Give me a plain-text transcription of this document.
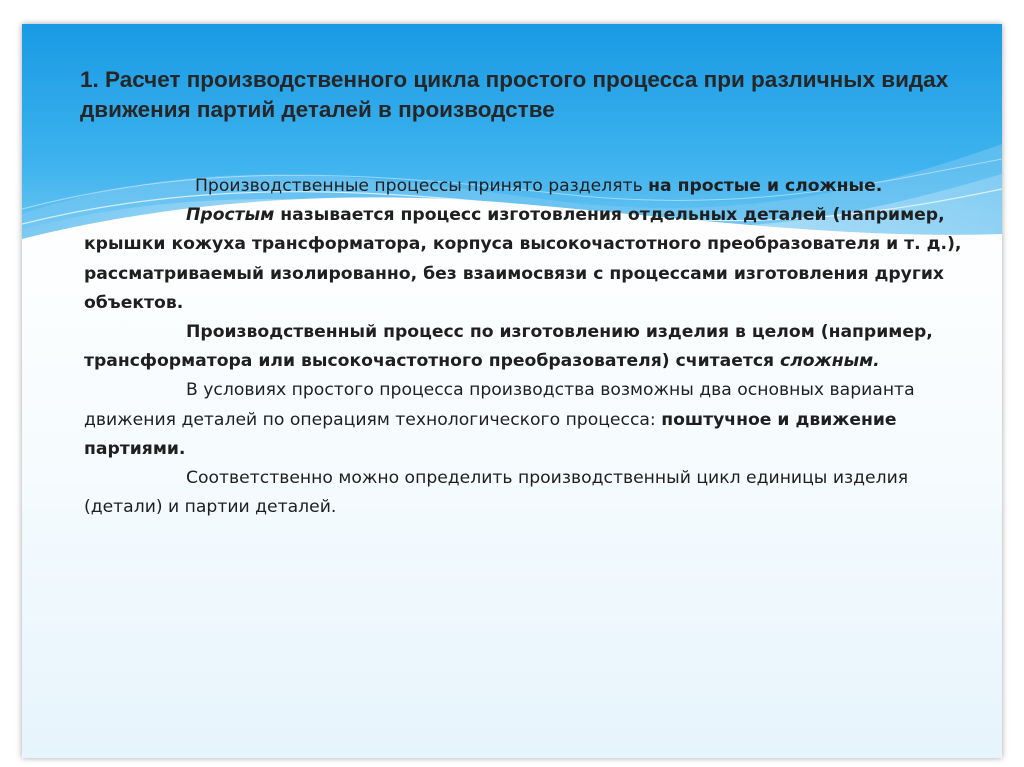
1. Расчет производственного цикла простого процесса при различных видах движения партий деталей в производстве

Производственные процессы принято разделять на простые и сложные.

Простым называется процесс изготовления отдельных деталей (например, крышки кожуха трансформатора, корпуса высокочастотного преобразователя и т. д.), рассматриваемый изолированно, без взаимосвязи с процессами изготовления других объектов.

Производственный процесс по изготовлению изделия в целом (например, трансформатора или высокочастотного преобразователя) считается сложным.

В условиях простого процесса производства возможны два основных варианта движения деталей по операциям технологического процесса: поштучное и движение партиями.

Соответственно можно определить производственный цикл единицы изделия (детали) и партии деталей.
